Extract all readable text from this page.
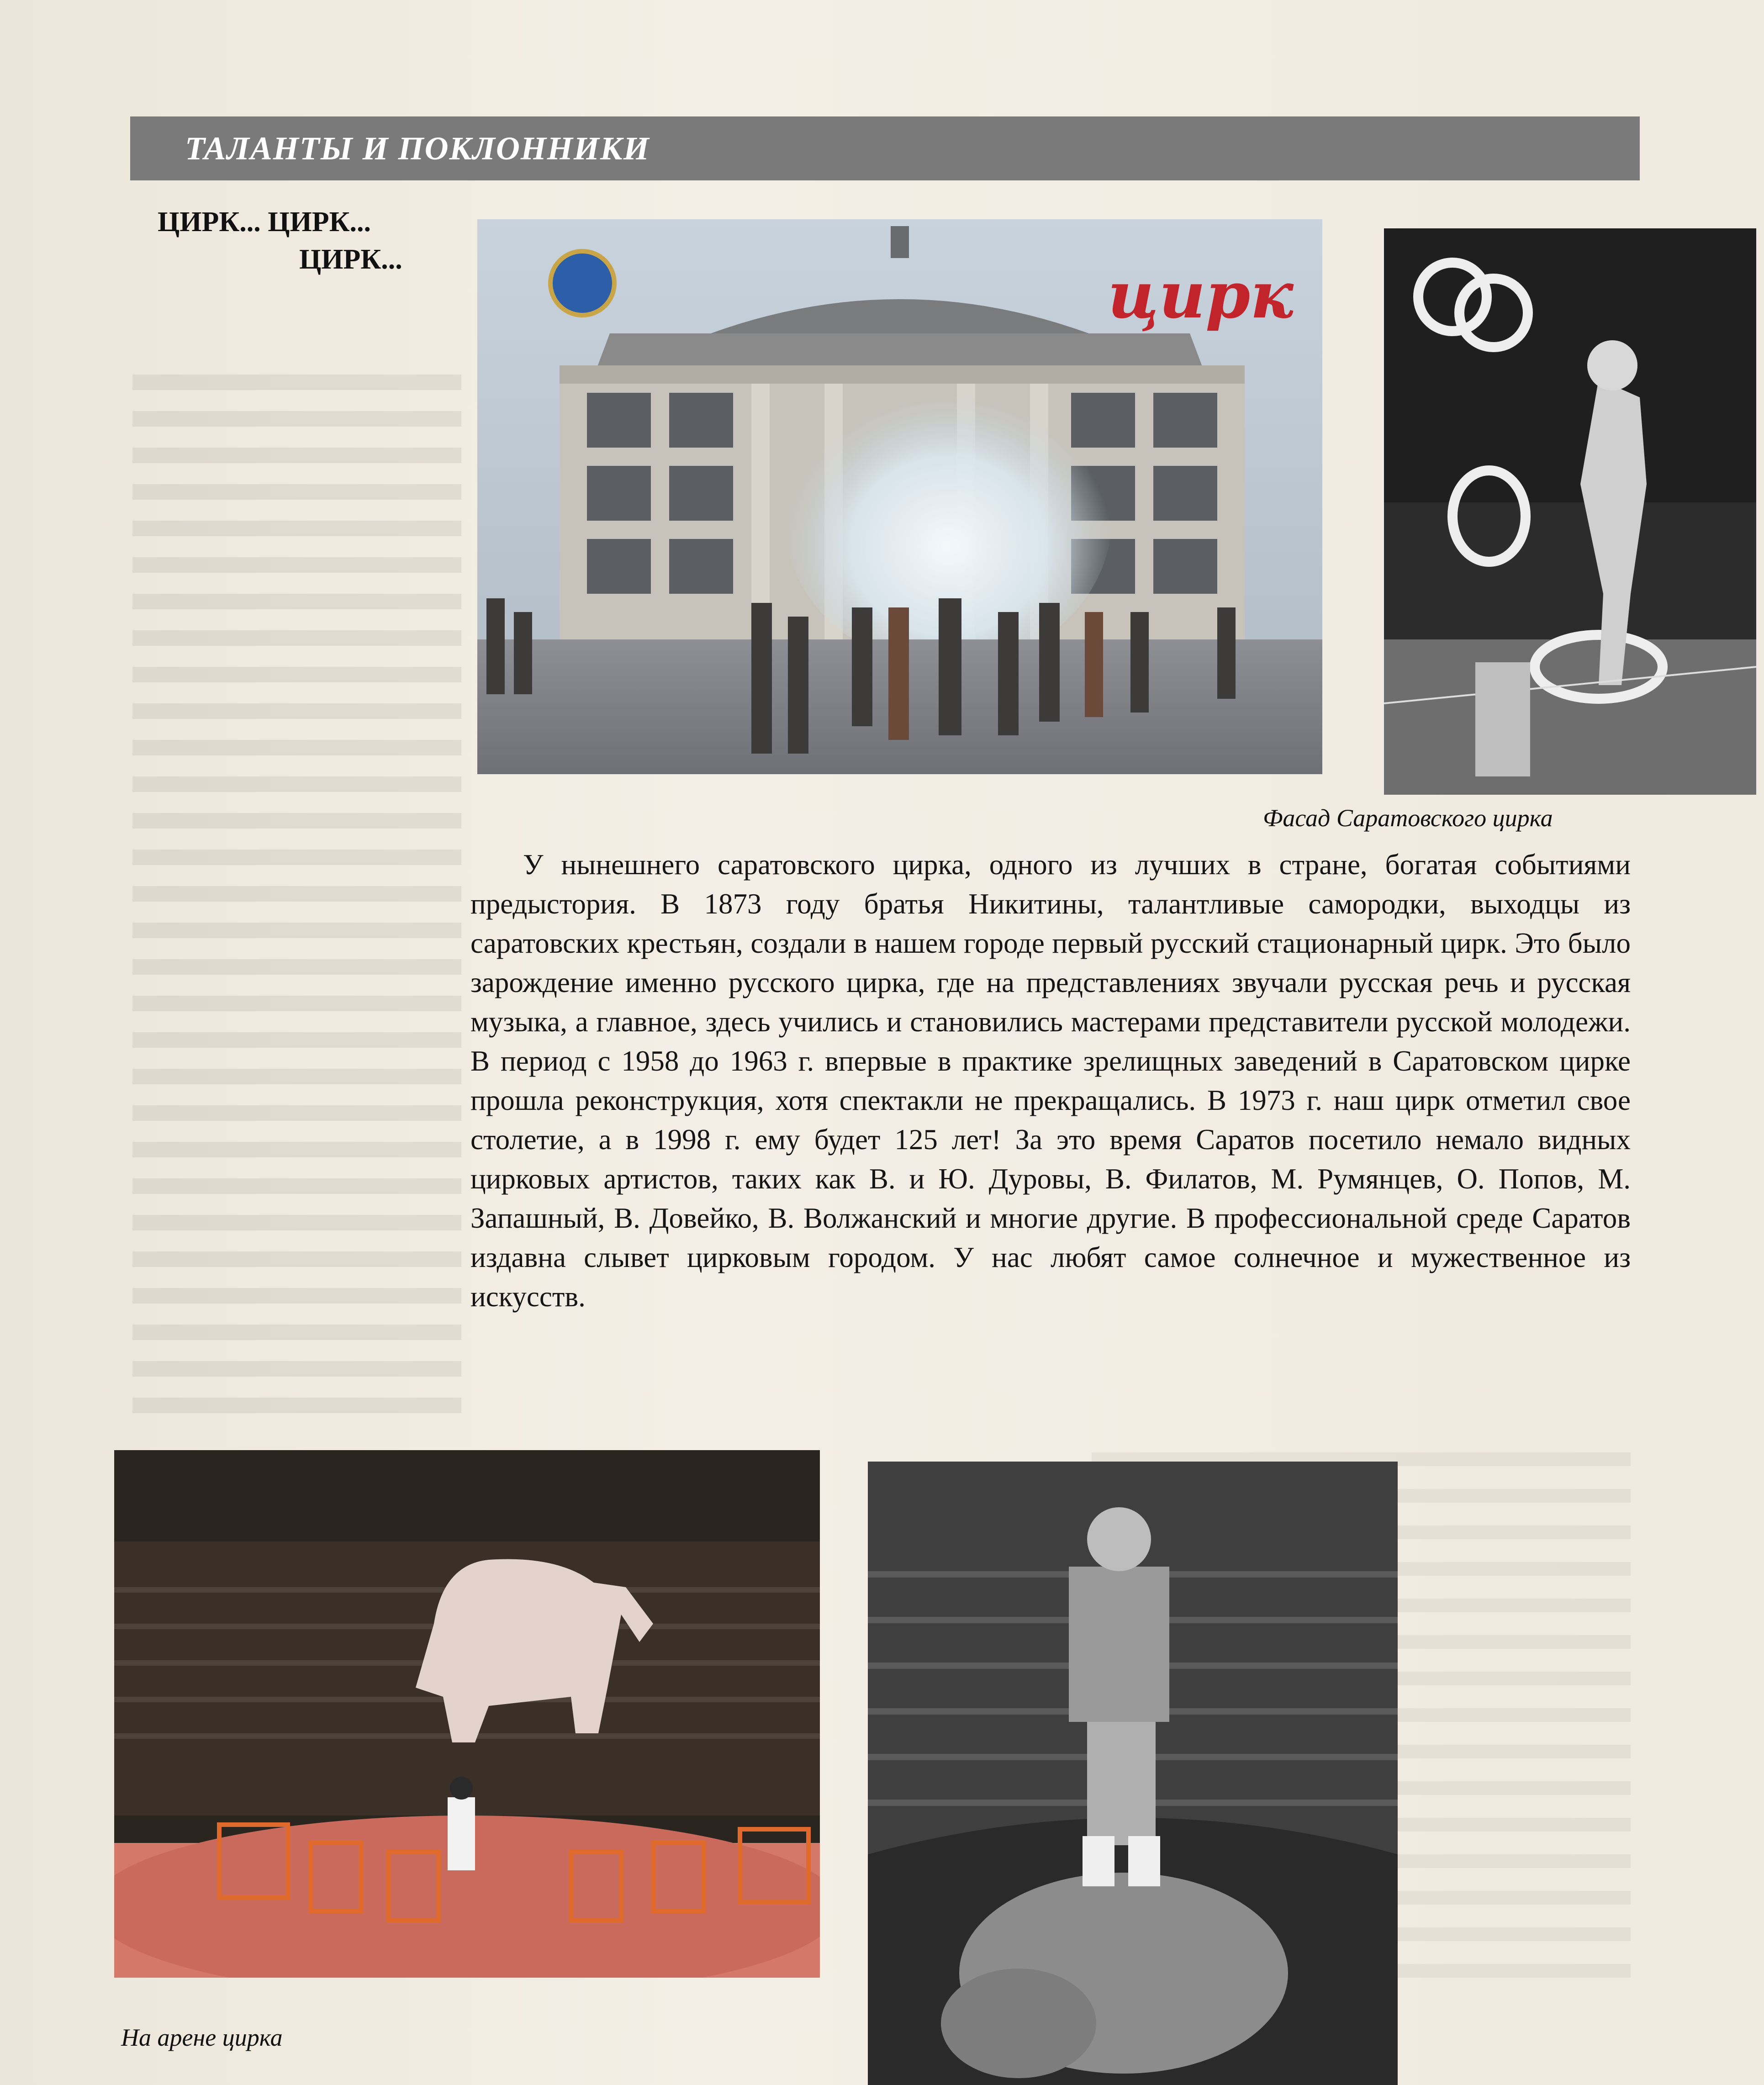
ТАЛАНТЫ И ПОКЛОННИКИ
ЦИРК... ЦИРК...
ЦИРК...	цирк
Фасад Саратовского цирка
У нынешнего саратовского цирка, одного из лучших в стране, богатая событиями предыстория. В 1873 году братья Никитины, талантливые самородки, выходцы из саратовских крестьян, создали в нашем городе первый русский стационарный цирк. Это было зарождение именно русского цирка, где на представлениях звучали русская речь и русская музыка, а главное, здесь учились и становились мастерами представители русской молодежи. В период с 1958 до 1963 г. впервые в практике зрелищных заведений в Саратовском цирке прошла реконструкция, хотя спектакли не прекращались. В 1973 г. наш цирк отметил свое столетие, а в 1998 г. ему будет 125 лет! За это время Саратов посетило немало видных цирковых артистов, таких как В. и Ю. Дуровы, В. Филатов, М. Румянцев, О. Попов, М. Запашный, В. Довейко, В. Волжанский и многие другие. В профессиональной среде Саратов издавна слывет цирковым городом. У нас любят самое солнечное и мужественное из искусств.
На арене цирка
